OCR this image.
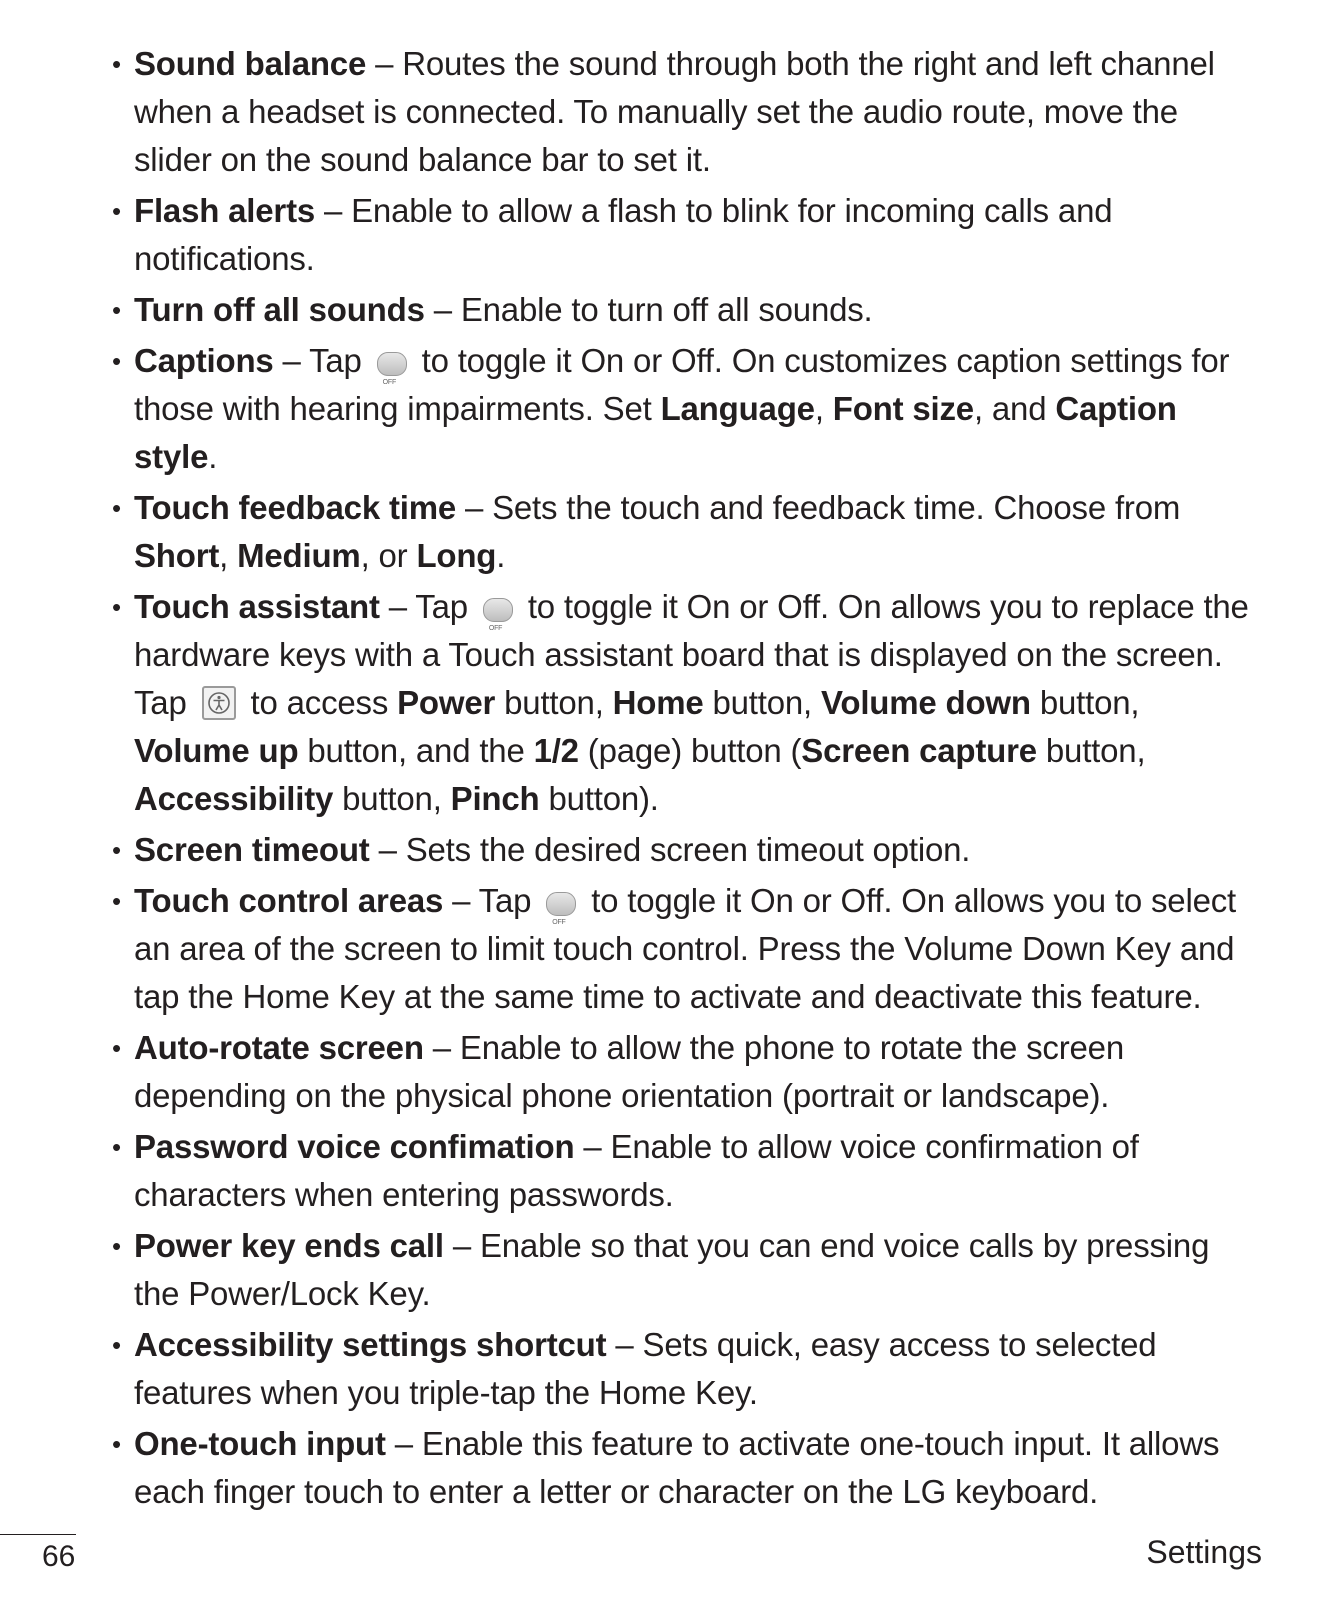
• Sound balance – Routes the sound through both the right and left channel when a headset is connected. To manually set the audio route, move the slider on the sound balance bar to set it.
• Flash alerts – Enable to allow a flash to blink for incoming calls and notifications.
• Turn off all sounds – Enable to turn off all sounds.
• Captions – Tap OFF to toggle it On or Off. On customizes caption settings for those with hearing impairments. Set Language, Font size, and Caption style.
• Touch feedback time – Sets the touch and feedback time. Choose from Short, Medium, or Long.
• Touch assistant – Tap OFF to toggle it On or Off. On allows you to replace the hardware keys with a Touch assistant board that is displayed on the screen. Tap
to access Power button, Home button, Volume down button, Volume up button, and the 1/2 (page) button (Screen capture button, Accessibility button, Pinch button).
• Screen timeout – Sets the desired screen timeout option.
• Touch control areas – Tap OFF to toggle it On or Off. On allows you to select an area of the screen to limit touch control. Press the Volume Down Key and tap the Home Key at the same time to activate and deactivate this feature.
• Auto-rotate screen – Enable to allow the phone to rotate the screen depending on the physical phone orientation (portrait or landscape).
• Password voice confimation – Enable to allow voice confirmation of characters when entering passwords.
• Power key ends call – Enable so that you can end voice calls by pressing the Power/Lock Key.
• Accessibility settings shortcut – Sets quick, easy access to selected features when you triple-tap the Home Key.
• One-touch input – Enable this feature to activate one-touch input. It allows each finger touch to enter a letter or character on the LG keyboard.
66	Settings
